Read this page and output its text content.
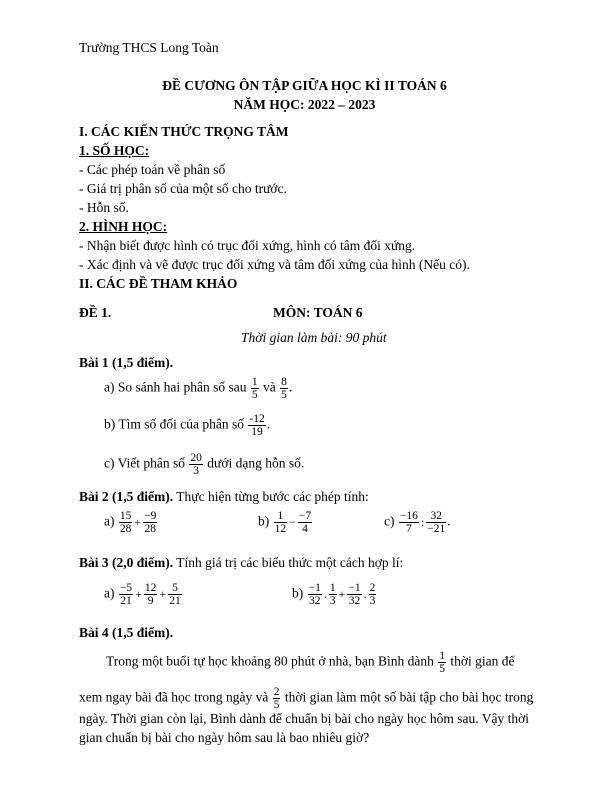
Trường THCS Long Toàn
ĐỀ CƯƠNG ÔN TẬP GIỮA HỌC KÌ II TOÁN 6
NĂM HỌC: 2022 – 2023
I. CÁC KIẾN THỨC TRỌNG TÂM
1. SỐ HỌC:
- Các phép toán về phân số
- Giá trị phân số của một số cho trước.
- Hỗn số.
2. HÌNH HỌC:
- Nhận biết được hình có trục đối xứng, hình có tâm đối xứng.
- Xác định và vẽ được trục đối xứng và tâm đối xứng của hình (Nếu có).
II. CÁC ĐỀ THAM KHẢO
ĐỀ 1.	MÔN: TOÁN 6
Thời gian làm bài: 90 phút
Bài 1 (1,5 điểm).
a) So sánh hai phân số sau $\frac{1}{5}$ và $\frac{8}{5}$ .
b) Tìm số đối của phân số $\frac{-12}{19}$ .
c) Viết phân số $\frac{20}{3}$ dưới dạng hỗn số.
Bài 2 (1,5 điểm). Thực hiện từng bước các phép tính:
$a) \frac{15}{28} + \frac{-9}{28}$	$b) \frac{1}{12} - \frac{-7}{4}$	$c) \frac{-16}{7}$ : $\frac{32}{-21}$ .
Bài 3 (2,0 điểm). Tính giá trị các biểu thức một cách hợp lí:
$a) \frac{-5}{21} + \frac{12}{9} + \frac{5}{21}$	$b) \frac{-1}{32}$ . $\frac{1}{3} + \frac{-1}{32}$ . $\frac{2}{3}$
Bài 4 (1,5 điểm).
Trong một buổi tự học khoảng 80 phút ở nhà, bạn Bình dành $\frac{1}{5}$ thời gian để
xem ngay bài đã học trong ngày và $\frac{2}{5}$ thời gian làm một số bài tập cho bài học trong
ngày. Thời gian còn lại, Bình dành để chuẩn bị bài cho ngày học hôm sau. Vậy thời
gian chuẩn bị bài cho ngày hôm sau là bao nhiêu giờ?
